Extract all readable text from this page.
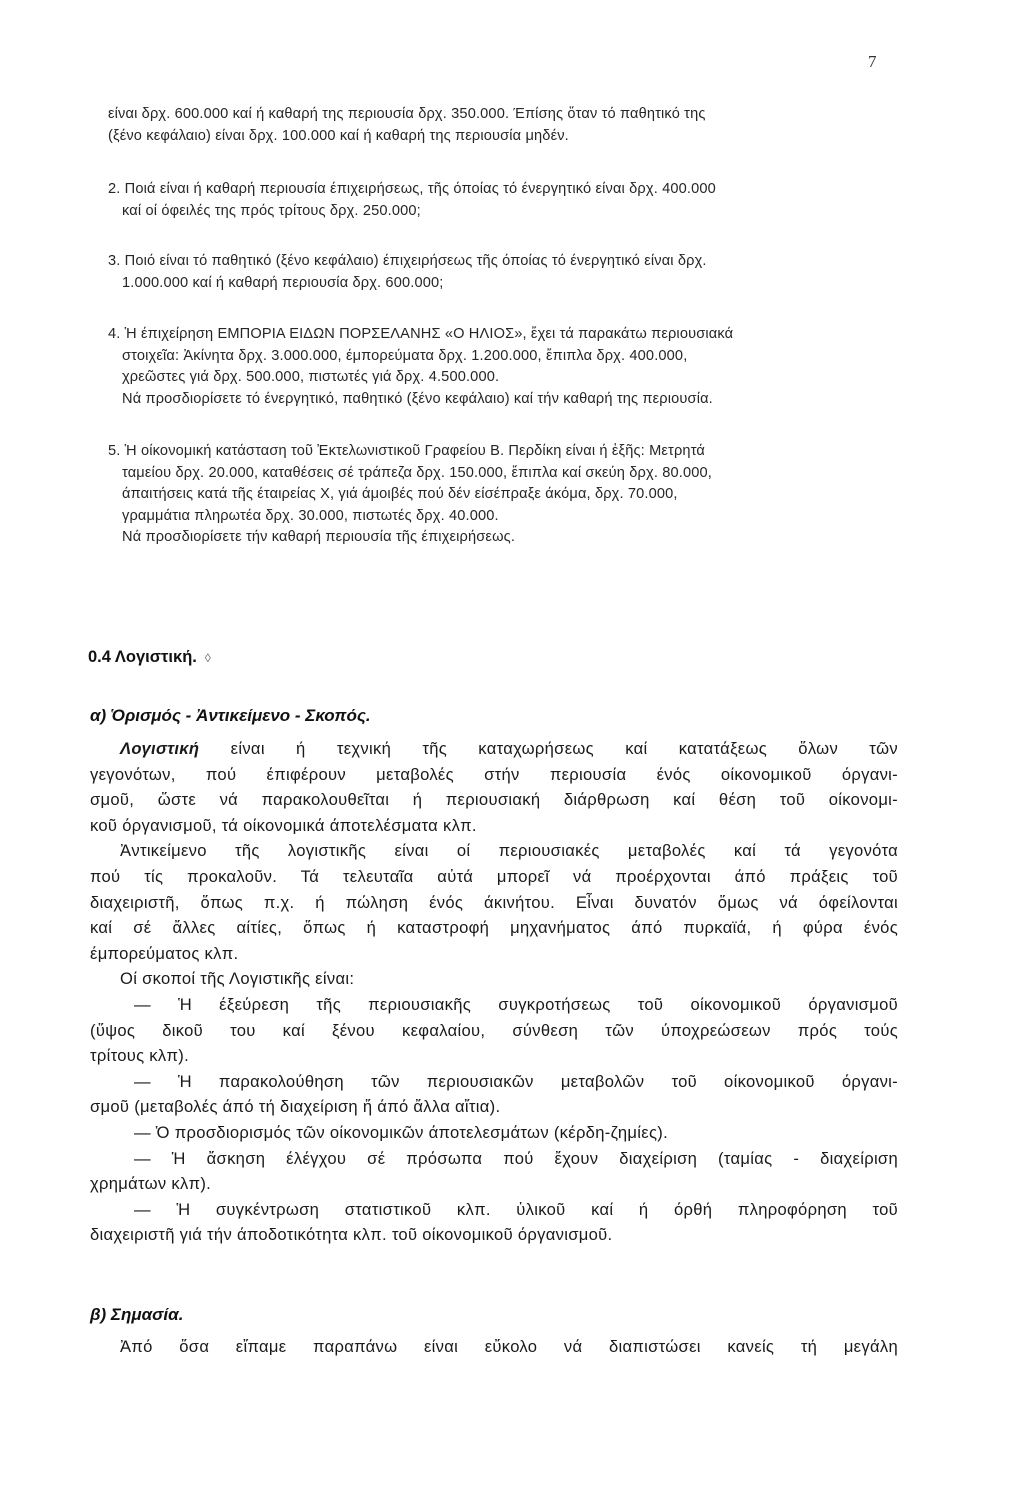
7

είναι δρχ. 600.000 καί ή καθαρή της περιουσία δρχ. 350.000. Έπίσης ὅταν τό παθητικό της

(ξένο κεφάλαιο) είναι δρχ. 100.000 καί ή καθαρή της περιουσία μηδέν.

2. Ποιά είναι ή καθαρή περιουσία έπιχειρήσεως, τῆς όποίας τό ένεργητικό είναι δρχ. 400.000

καί οί όφειλές της πρός τρίτους δρχ. 250.000;

3. Ποιό είναι τό παθητικό (ξένο κεφάλαιο) έπιχειρήσεως τῆς όποίας τό ένεργητικό είναι δρχ.

1.000.000 καί ή καθαρή περιουσία δρχ. 600.000;

4. Ἡ έπιχείρηση ΕΜΠΟΡΙΑ ΕΙΔΩΝ ΠΟΡΣΕΛΑΝΗΣ «Ο ΗΛΙΟΣ», ἔχει τά παρακάτω περιουσιακά

στοιχεῖα: Ἀκίνητα δρχ. 3.000.000, έμπορεύματα δρχ. 1.200.000, ἔπιπλα δρχ. 400.000,

χρεῶστες γιά δρχ. 500.000, πιστωτές γιά δρχ. 4.500.000.

Νά προσδιορίσετε τό ένεργητικό, παθητικό (ξένο κεφάλαιο) καί τήν καθαρή της περιουσία.

5. Ἡ οίκονομική κατάσταση τοῦ Ἐκτελωνιστικοῦ Γραφείου Β. Περδίκη είναι ή ἑξῆς: Μετρητά

ταμείου δρχ. 20.000, καταθέσεις σέ τράπεζα δρχ. 150.000, ἔπιπλα καί σκεύη δρχ. 80.000,

άπαιτήσεις κατά τῆς έταιρείας Χ, γιά άμοιβές πού δέν είσέπραξε άκόμα, δρχ. 70.000,

γραμμάτια πληρωτέα δρχ. 30.000, πιστωτές δρχ. 40.000.

Νά προσδιορίσετε τήν καθαρή περιουσία τῆς έπιχειρήσεως.

0.4 Λογιστική. ◊
α) Ὁρισμός - Ἀντικείμενο - Σκοπός.

Λογιστική είναι ή τεχνική τῆς καταχωρήσεως καί κατατάξεως ὅλων τῶν

γεγονότων, πού έπιφέρουν μεταβολές στήν περιουσία ένός οίκονομικοῦ όργανι-

σμοῦ, ὥστε νά παρακολουθεῖται ή περιουσιακή διάρθρωση καί θέση τοῦ οίκονομι-

κοῦ όργανισμοῦ, τά οίκονομικά άποτελέσματα κλπ.

Ἀντικείμενο τῆς λογιστικῆς είναι οί περιουσιακές μεταβολές καί τά γεγονότα

πού τίς προκαλοῦν. Τά τελευταῖα αὐτά μπορεῖ νά προέρχονται άπό πράξεις τοῦ

διαχειριστῆ, ὅπως π.χ. ή πώληση ένός άκινήτου. Εἶναι δυνατόν ὅμως νά όφείλονται

καί σέ ἄλλες αίτίες, ὅπως ή καταστροφή μηχανήματος άπό πυρκαϊά, ή φύρα ένός

έμπορεύματος κλπ.

Οί σκοποί τῆς Λογιστικῆς είναι:

— Ἡ έξεύρεση τῆς περιουσιακῆς συγκροτήσεως τοῦ οίκονομικοῦ όργανισμοῦ

(ὕψος δικοῦ του καί ξένου κεφαλαίου, σύνθεση τῶν ύποχρεώσεων πρός τούς

τρίτους κλπ).

— Ἡ παρακολούθηση τῶν περιουσιακῶν μεταβολῶν τοῦ οίκονομικοῦ όργανι-

σμοῦ (μεταβολές άπό τή διαχείριση ἤ άπό ἄλλα αἴτια).

— Ὁ προσδιορισμός τῶν οίκονομικῶν άποτελεσμάτων (κέρδη-ζημίες).

— Ἡ ἄσκηση έλέγχου σέ πρόσωπα πού ἔχουν διαχείριση (ταμίας - διαχείριση

χρημάτων κλπ).

— Ἡ συγκέντρωση στατιστικοῦ κλπ. ὑλικοῦ καί ή όρθή πληροφόρηση τοῦ

διαχειριστῆ γιά τήν άποδοτικότητα κλπ. τοῦ οίκονομικοῦ όργανισμοῦ.

β) Σημασία.

Ἀπό ὅσα εἴπαμε παραπάνω είναι εὔκολο νά διαπιστώσει κανείς τή μεγάλη
